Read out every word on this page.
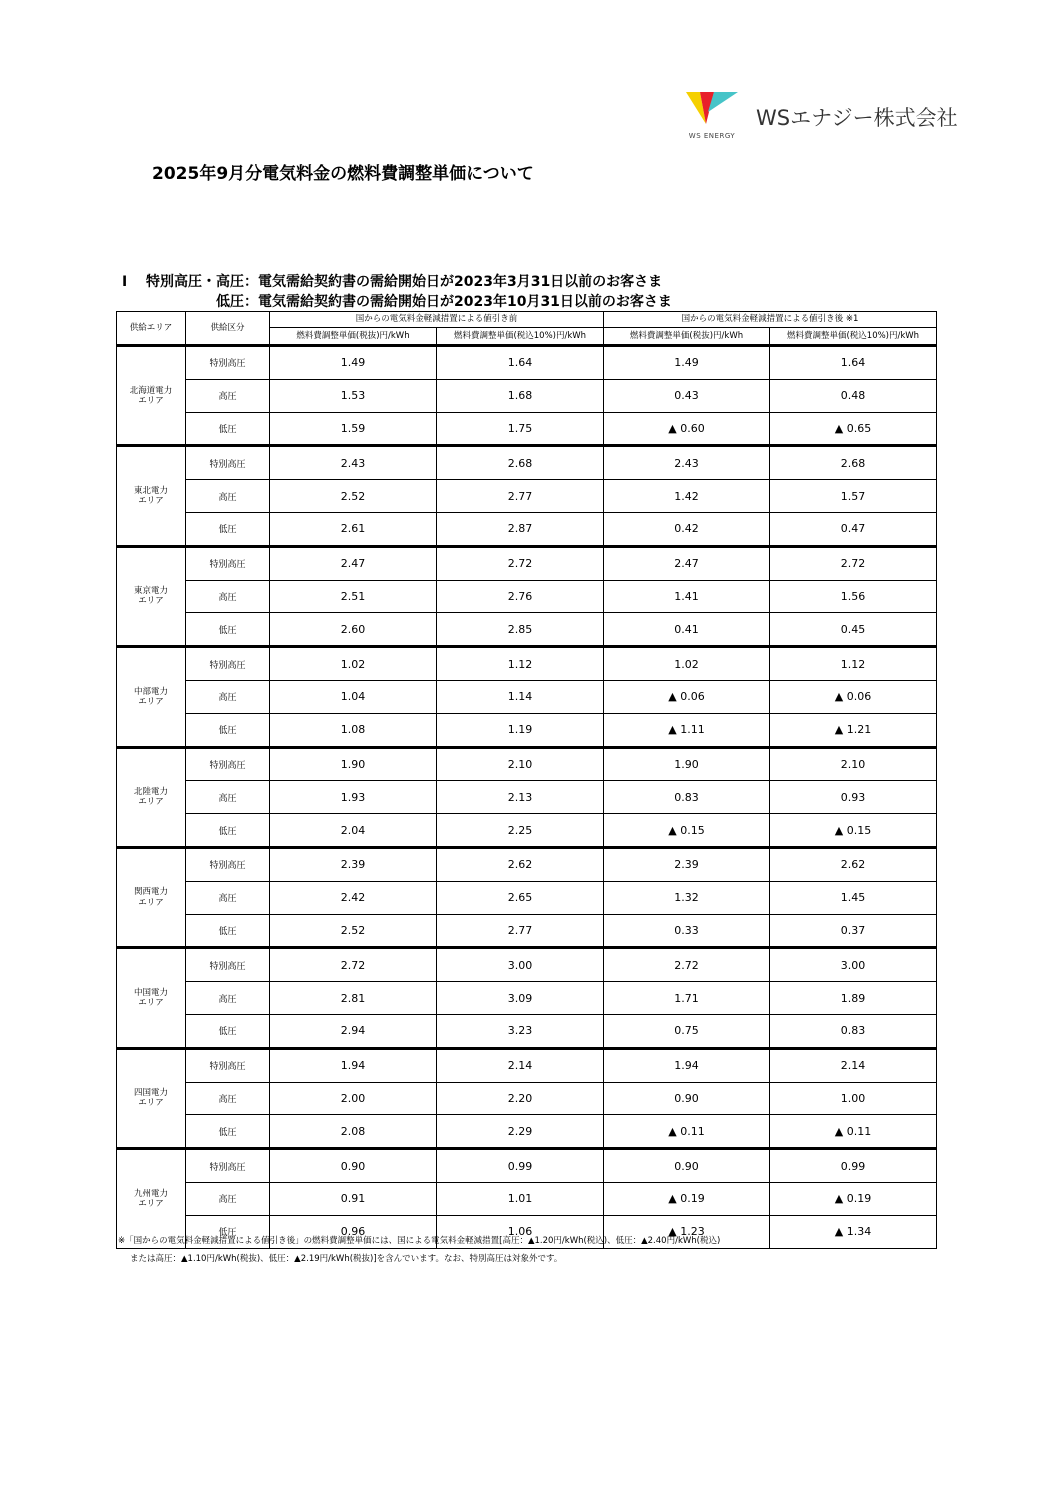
WS ENERGY
WSエナジー株式会社
2025年9月分電気料金の燃料費調整単価について
I 特別高圧・高圧：電気需給契約書の需給開始日が2023年3月31日以前のお客さま
低圧：電気需給契約書の需給開始日が2023年10月31日以前のお客さま
供給エリア	供給区分	国からの電気料金軽減措置による値引き前		国からの電気料金軽減措置による値引き後 ※1	
		燃料費調整単価(税抜)円/kWh	燃料費調整単価(税込10%)円/kWh	燃料費調整単価(税抜)円/kWh	燃料費調整単価(税込10%)円/kWh
北海道電力
エリア	特別高圧	1.49	1.64	1.49	1.64
	高圧	1.53	1.68	0.43	0.48
	低圧	1.59	1.75	▲ 0.60	▲ 0.65
東北電力
エリア	特別高圧	2.43	2.68	2.43	2.68
	高圧	2.52	2.77	1.42	1.57
	低圧	2.61	2.87	0.42	0.47
東京電力
エリア	特別高圧	2.47	2.72	2.47	2.72
	高圧	2.51	2.76	1.41	1.56
	低圧	2.60	2.85	0.41	0.45
中部電力
エリア	特別高圧	1.02	1.12	1.02	1.12
	高圧	1.04	1.14	▲ 0.06	▲ 0.06
	低圧	1.08	1.19	▲ 1.11	▲ 1.21
北陸電力
エリア	特別高圧	1.90	2.10	1.90	2.10
	高圧	1.93	2.13	0.83	0.93
	低圧	2.04	2.25	▲ 0.15	▲ 0.15
関西電力
エリア	特別高圧	2.39	2.62	2.39	2.62
	高圧	2.42	2.65	1.32	1.45
	低圧	2.52	2.77	0.33	0.37
中国電力
エリア	特別高圧	2.72	3.00	2.72	3.00
	高圧	2.81	3.09	1.71	1.89
	低圧	2.94	3.23	0.75	0.83
四国電力
エリア	特別高圧	1.94	2.14	1.94	2.14
	高圧	2.00	2.20	0.90	1.00
	低圧	2.08	2.29	▲ 0.11	▲ 0.11
九州電力
エリア	特別高圧	0.90	0.99	0.90	0.99
	高圧	0.91	1.01	▲ 0.19	▲ 0.19
	低圧	0.96	1.06	▲ 1.23	▲ 1.34
※「国からの電気料金軽減措置による値引き後」の燃料費調整単価には、国による電気料金軽減措置[高圧：▲1.20円/kWh(税込)、低圧：▲2.40円/kWh(税込)
または高圧：▲1.10円/kWh(税抜)、低圧：▲2.19円/kWh(税抜)]を含んでいます。なお、特別高圧は対象外です。
